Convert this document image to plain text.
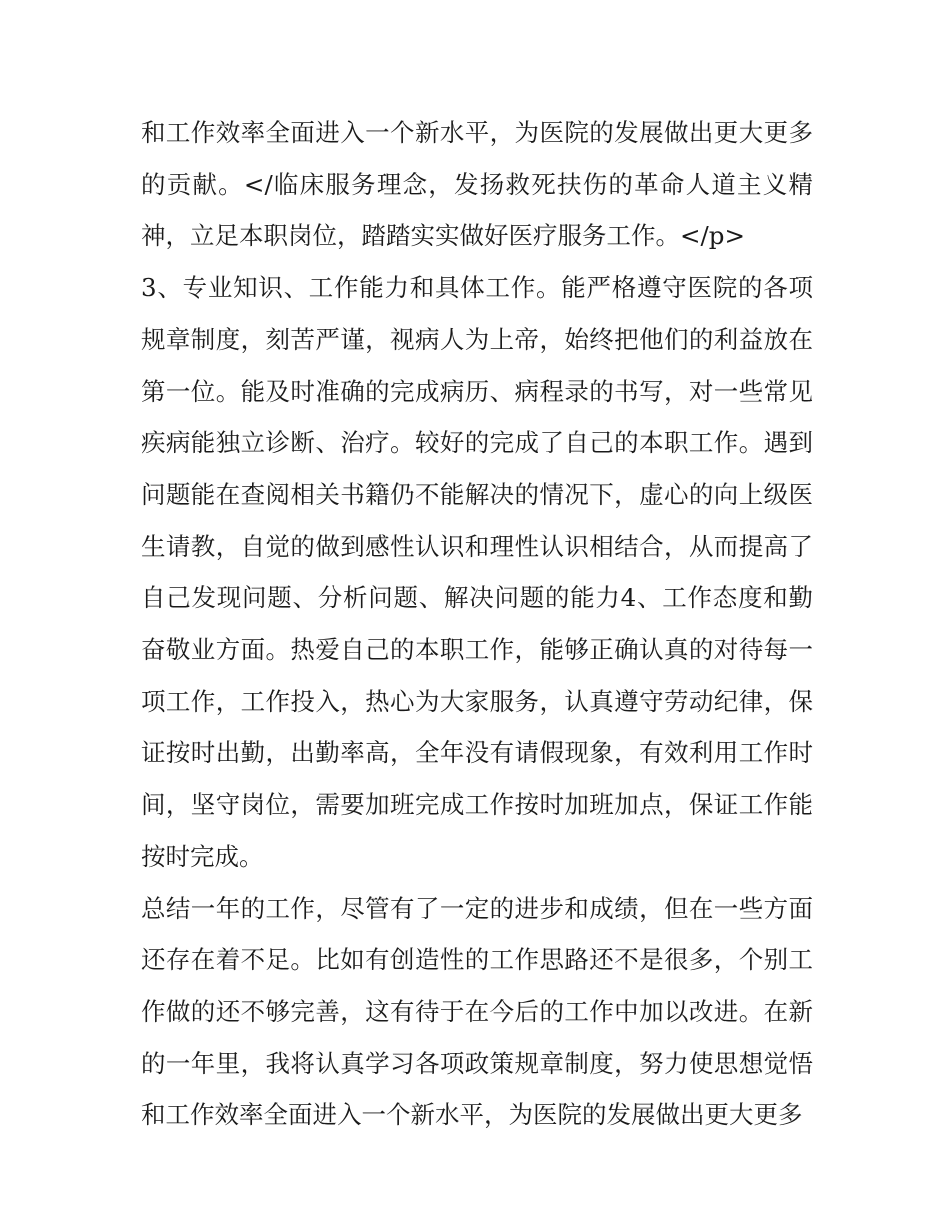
和工作效率全面进入一个新水平，为医院的发展做出更大更多的贡献。</临床服务理念，发扬救死扶伤的革命人道主义精神，立足本职岗位，踏踏实实做好医疗服务工作。</p>

3、专业知识、工作能力和具体工作。能严格遵守医院的各项规章制度，刻苦严谨，视病人为上帝，始终把他们的利益放在第一位。能及时准确的完成病历、病程录的书写，对一些常见疾病能独立诊断、治疗。较好的完成了自己的本职工作。遇到问题能在查阅相关书籍仍不能解决的情况下，虚心的向上级医生请教，自觉的做到感性认识和理性认识相结合，从而提高了自己发现问题、分析问题、解决问题的能力4、工作态度和勤奋敬业方面。热爱自己的本职工作，能够正确认真的对待每一项工作，工作投入，热心为大家服务，认真遵守劳动纪律，保证按时出勤，出勤率高，全年没有请假现象，有效利用工作时间，坚守岗位，需要加班完成工作按时加班加点，保证工作能按时完成。

总结一年的工作，尽管有了一定的进步和成绩，但在一些方面还存在着不足。比如有创造性的工作思路还不是很多，个别工作做的还不够完善，这有待于在今后的工作中加以改进。在新的一年里，我将认真学习各项政策规章制度，努力使思想觉悟和工作效率全面进入一个新水平，为医院的发展做出更大更多
